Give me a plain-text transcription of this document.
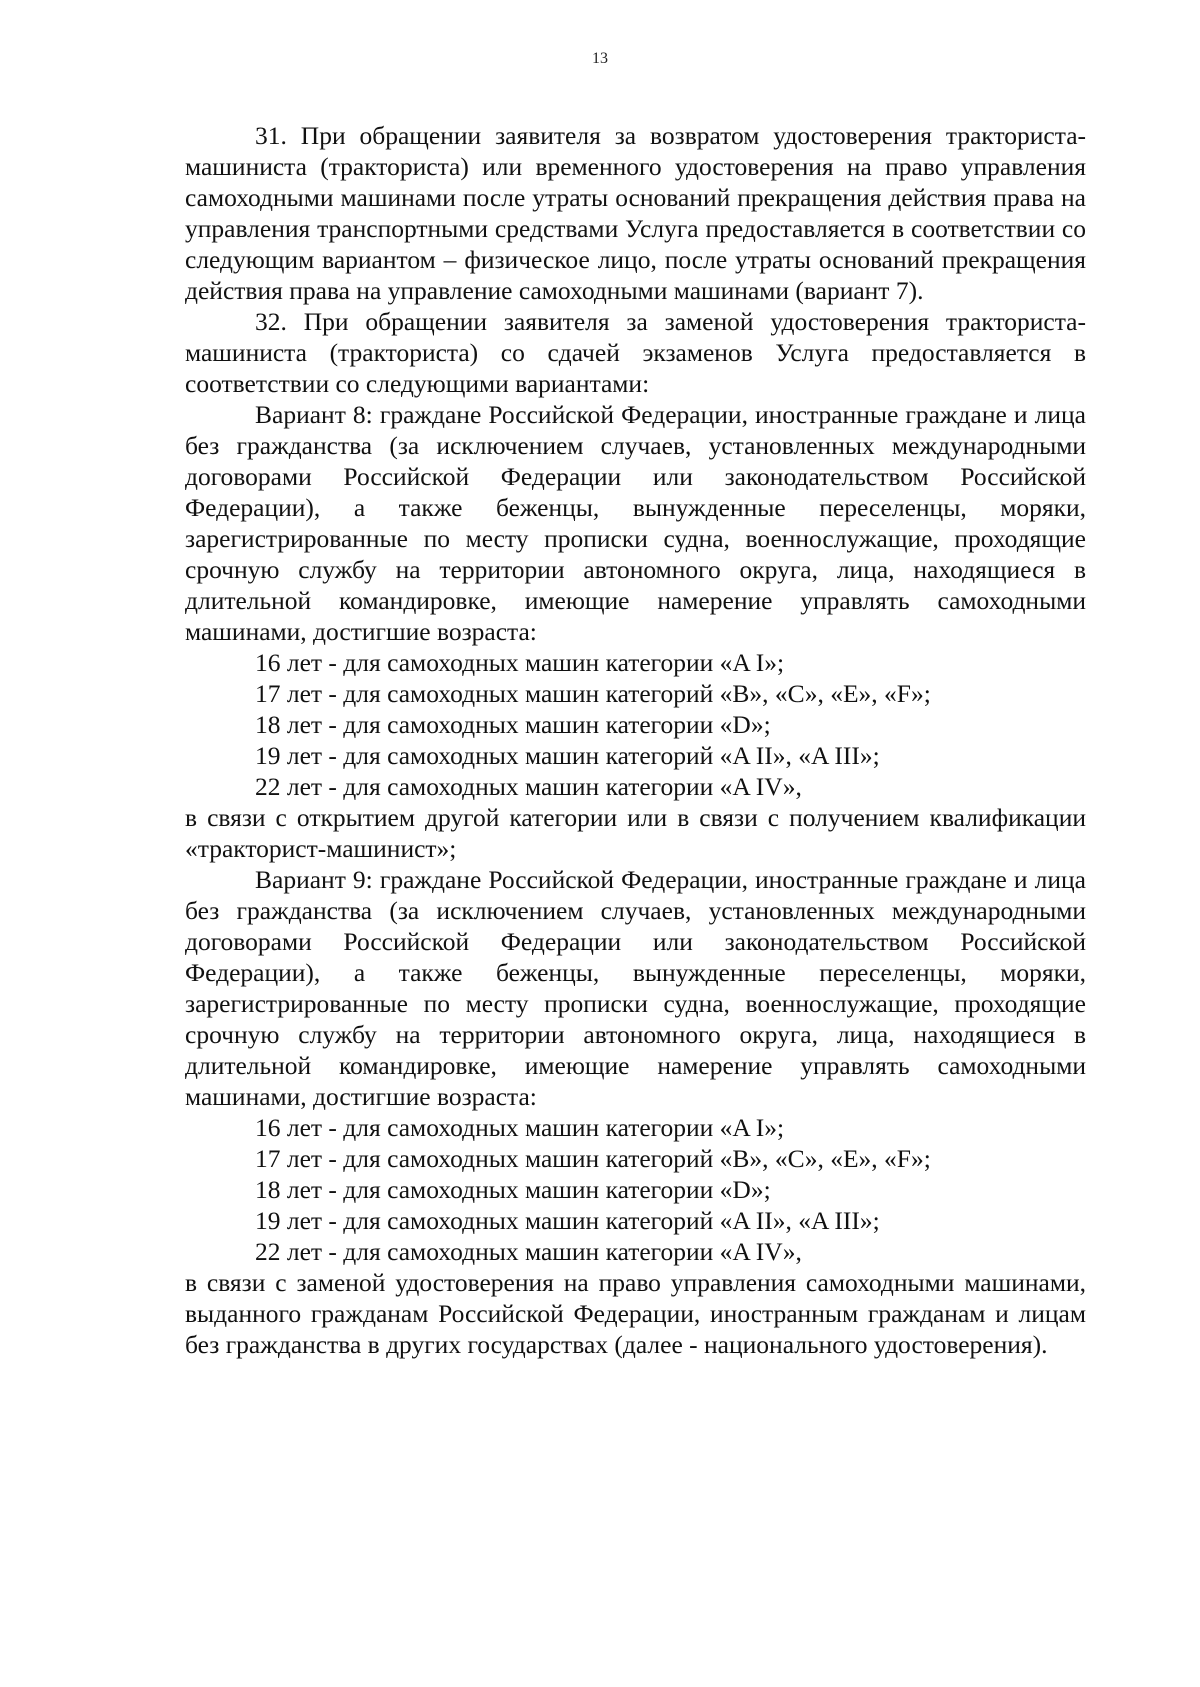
13

31. При обращении заявителя за возвратом удостоверения тракториста-машиниста (тракториста) или временного удостоверения на право управления самоходными машинами после утраты оснований прекращения действия права на управления транспортными средствами Услуга предоставляется в соответствии со следующим вариантом – физическое лицо, после утраты оснований прекращения действия права на управление самоходными машинами (вариант 7).

32. При обращении заявителя за заменой удостоверения тракториста-машиниста (тракториста) со сдачей экзаменов Услуга предоставляется в соответствии со следующими вариантами:

Вариант 8: граждане Российской Федерации, иностранные граждане и лица без гражданства (за исключением случаев, установленных международными договорами Российской Федерации или законодательством Российской Федерации), а также беженцы, вынужденные переселенцы, моряки, зарегистрированные по месту прописки судна, военнослужащие, проходящие срочную службу на территории автономного округа, лица, находящиеся в длительной командировке, имеющие намерение управлять самоходными машинами, достигшие возраста:

16 лет - для самоходных машин категории «A I»;

17 лет - для самоходных машин категорий «B», «C», «E», «F»;

18 лет - для самоходных машин категории «D»;

19 лет - для самоходных машин категорий «A II», «A III»;

22 лет - для самоходных машин категории «A IV»,

в связи с открытием другой категории или в связи с получением квалификации «тракторист-машинист»;

Вариант 9: граждане Российской Федерации, иностранные граждане и лица без гражданства (за исключением случаев, установленных международными договорами Российской Федерации или законодательством Российской Федерации), а также беженцы, вынужденные переселенцы, моряки, зарегистрированные по месту прописки судна, военнослужащие, проходящие срочную службу на территории автономного округа, лица, находящиеся в длительной командировке, имеющие намерение управлять самоходными машинами, достигшие возраста:

16 лет - для самоходных машин категории «A I»;

17 лет - для самоходных машин категорий «B», «C», «E», «F»;

18 лет - для самоходных машин категории «D»;

19 лет - для самоходных машин категорий «A II», «A III»;

22 лет - для самоходных машин категории «A IV»,

в связи с заменой удостоверения на право управления самоходными машинами, выданного гражданам Российской Федерации, иностранным гражданам и лицам без гражданства в других государствах (далее - национального удостоверения).
